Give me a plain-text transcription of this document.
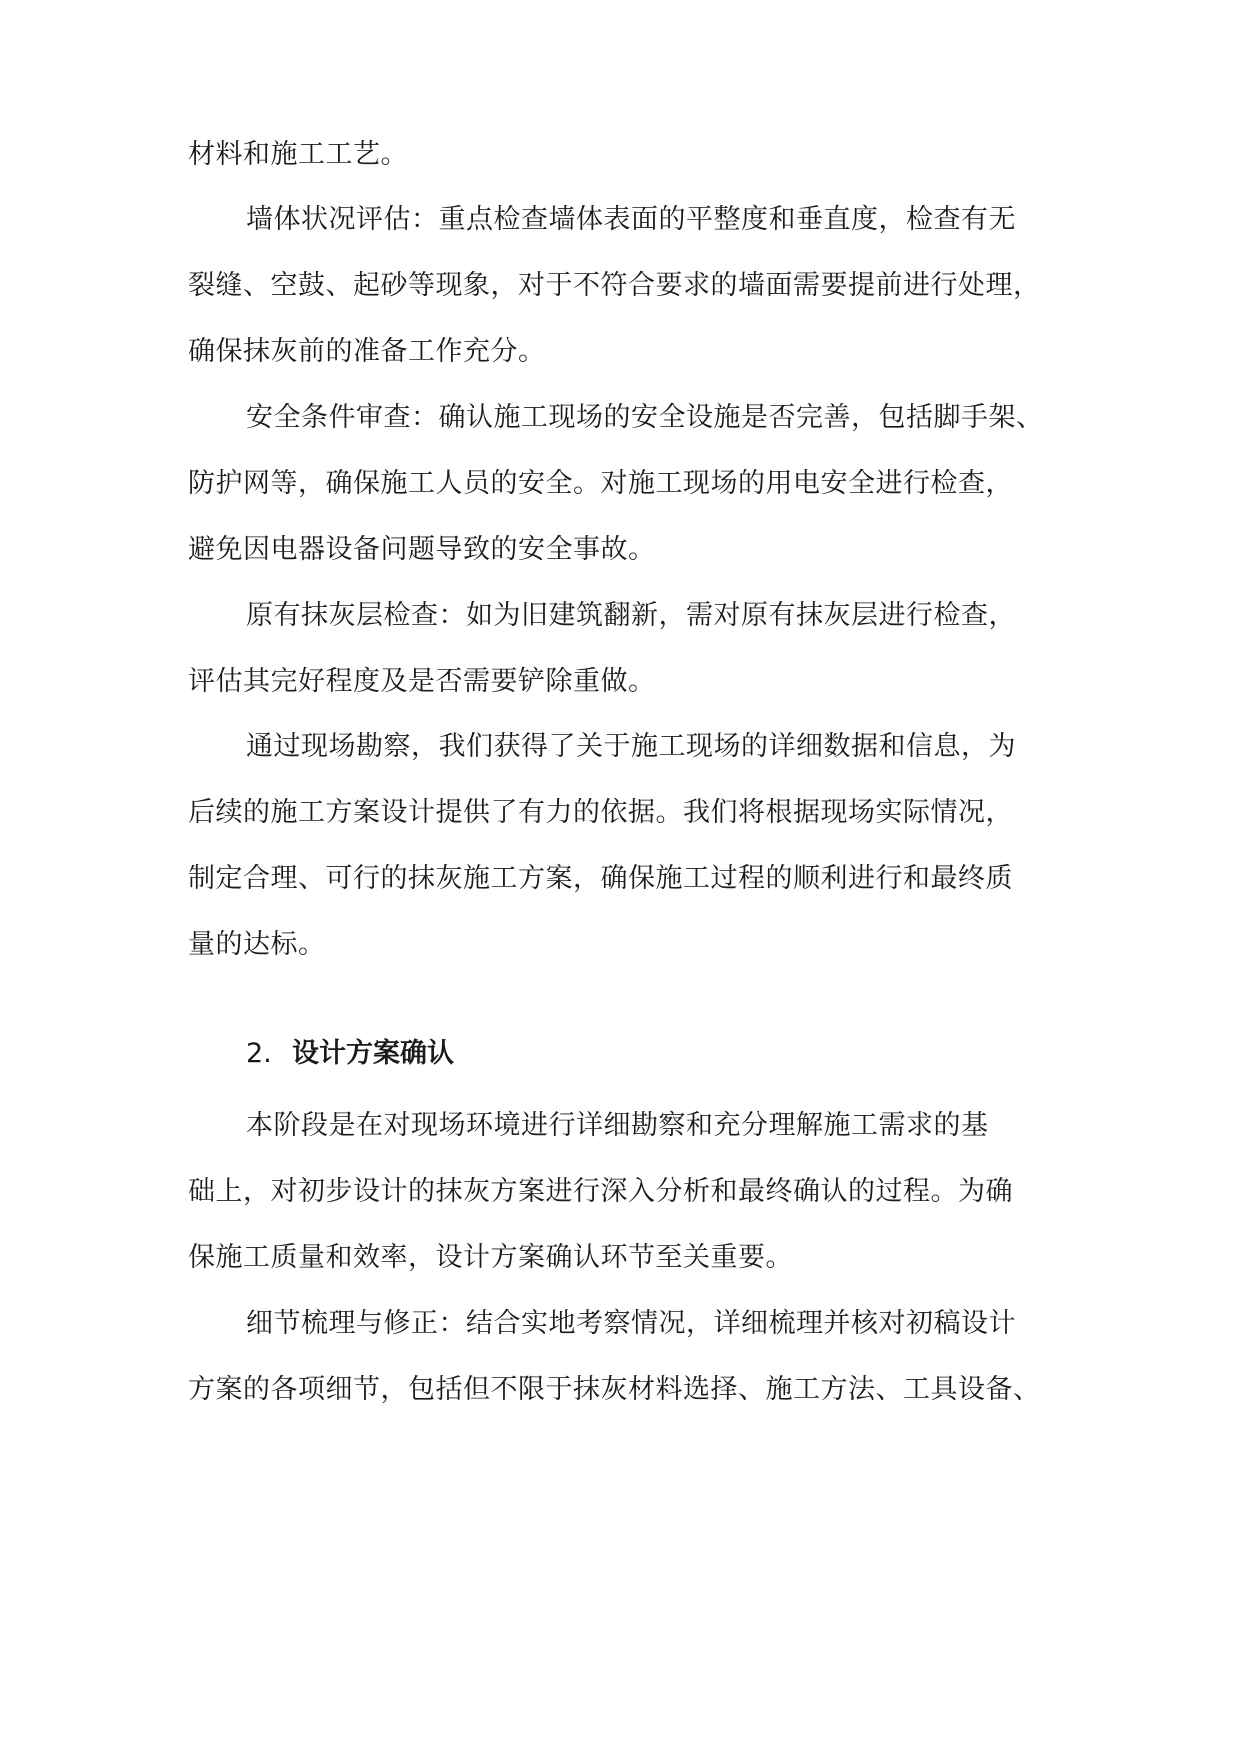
材料和施工工艺。
墙体状况评估：重点检查墙体表面的平整度和垂直度，检查有无
裂缝、空鼓、起砂等现象，对于不符合要求的墙面需要提前进行处理，
确保抹灰前的准备工作充分。
安全条件审查：确认施工现场的安全设施是否完善，包括脚手架、
防护网等，确保施工人员的安全。对施工现场的用电安全进行检查，
避免因电器设备问题导致的安全事故。
原有抹灰层检查：如为旧建筑翻新，需对原有抹灰层进行检查，
评估其完好程度及是否需要铲除重做。
通过现场勘察，我们获得了关于施工现场的详细数据和信息，为
后续的施工方案设计提供了有力的依据。我们将根据现场实际情况，
制定合理、可行的抹灰施工方案，确保施工过程的顺利进行和最终质
量的达标。
2. 设计方案确认
本阶段是在对现场环境进行详细勘察和充分理解施工需求的基
础上，对初步设计的抹灰方案进行深入分析和最终确认的过程。为确
保施工质量和效率，设计方案确认环节至关重要。
细节梳理与修正：结合实地考察情况，详细梳理并核对初稿设计
方案的各项细节，包括但不限于抹灰材料选择、施工方法、工具设备、
